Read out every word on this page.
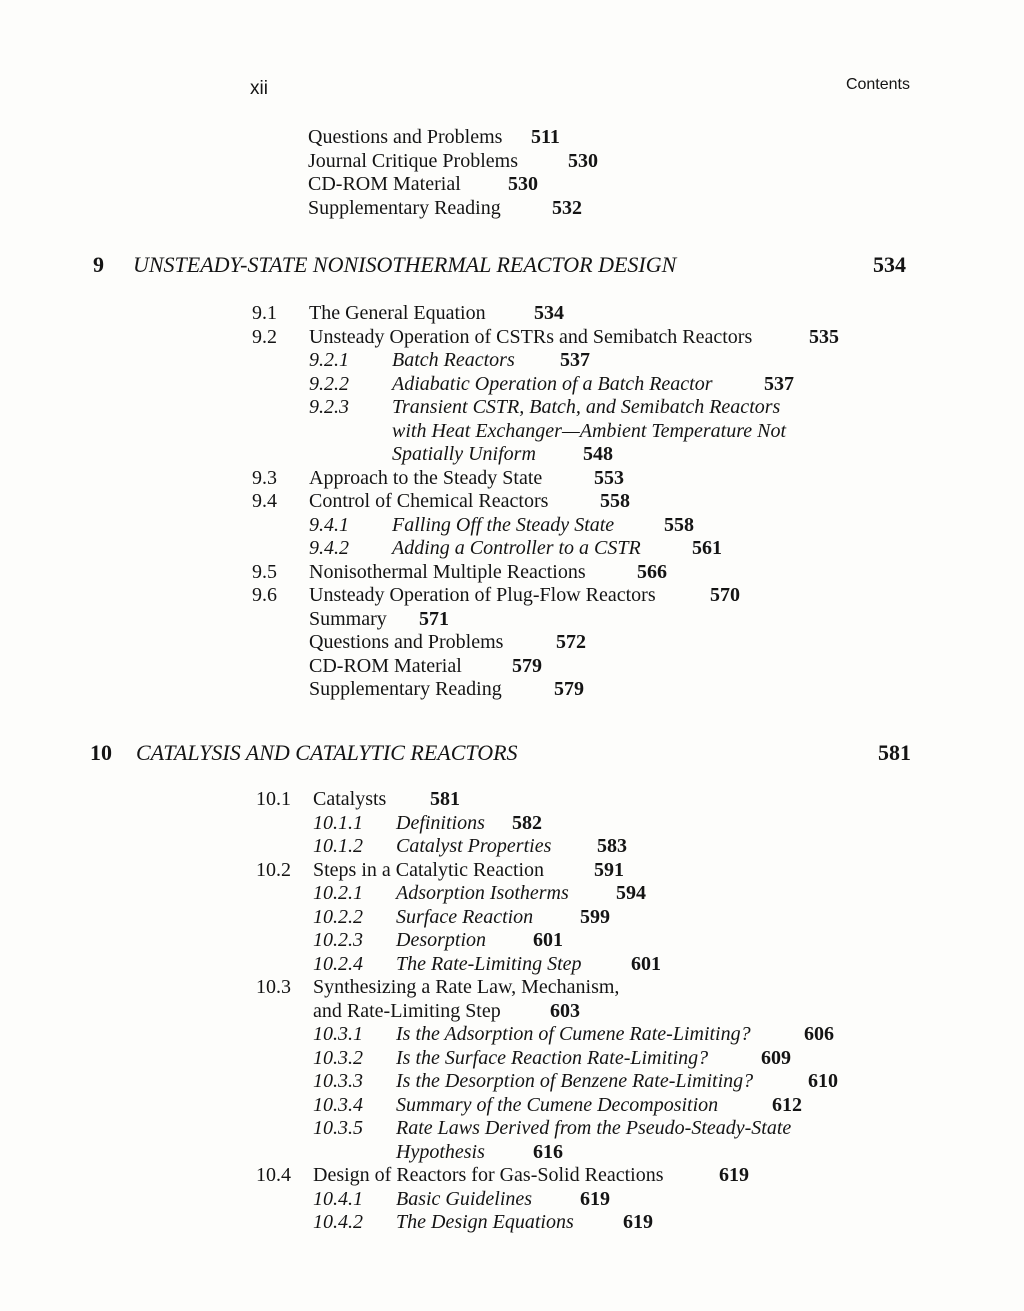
xii	Contents
Questions and Problems 511
Journal Critique Problems	530
CD-ROM Material 530
Supplementary Reading	532
9 UNSTEADY-STATE NONISOTHERMAL REACTOR DESIGN	534
9.1 The General Equation 534
9.2 Unsteady Operation of CSTRs and Semibatch Reactors	535
9.2.1 Batch Reactors 537
9.2.2 Adiabatic Operation of a Batch Reactor	537
9.2.3 Transient CSTR, Batch, and Semibatch Reactors
with Heat Exchanger—Ambient Temperature Not
Spatially Uniform 548
9.3 Approach to the Steady State	553
9.4 Control of Chemical Reactors	558
9.4.1 Falling Off the Steady State 558
9.4.2 Adding a Controller to a CSTR	561
9.5 Nonisothermal Multiple Reactions	566
9.6 Unsteady Operation of Plug-Flow Reactors	570
Summary 571
Questions and Problems	572
CD-ROM Material	579
Supplementary Reading	579
10 CATALYSIS AND CATALYTIC REACTORS	581
10.1 Catalysts 581
10.1.1 Definitions 582
10.1.2 Catalyst Properties 583
10.2 Steps in a Catalytic Reaction 591
10.2.1 Adsorption Isotherms 594
10.2.2 Surface Reaction 599
10.2.3 Desorption 601
10.2.4 The Rate-Limiting Step 601
10.3 Synthesizing a Rate Law, Mechanism,
and Rate-Limiting Step 603
10.3.1 Is the Adsorption of Cumene Rate-Limiting?	606
10.3.2 Is the Surface Reaction Rate-Limiting?	609
10.3.3 Is the Desorption of Benzene Rate-Limiting?	610
10.3.4 Summary of the Cumene Decomposition	612
10.3.5 Rate Laws Derived from the Pseudo-Steady-State
Hypothesis 616
10.4 Design of Reactors for Gas-Solid Reactions	619
10.4.1 Basic Guidelines 619
10.4.2 The Design Equations 619
